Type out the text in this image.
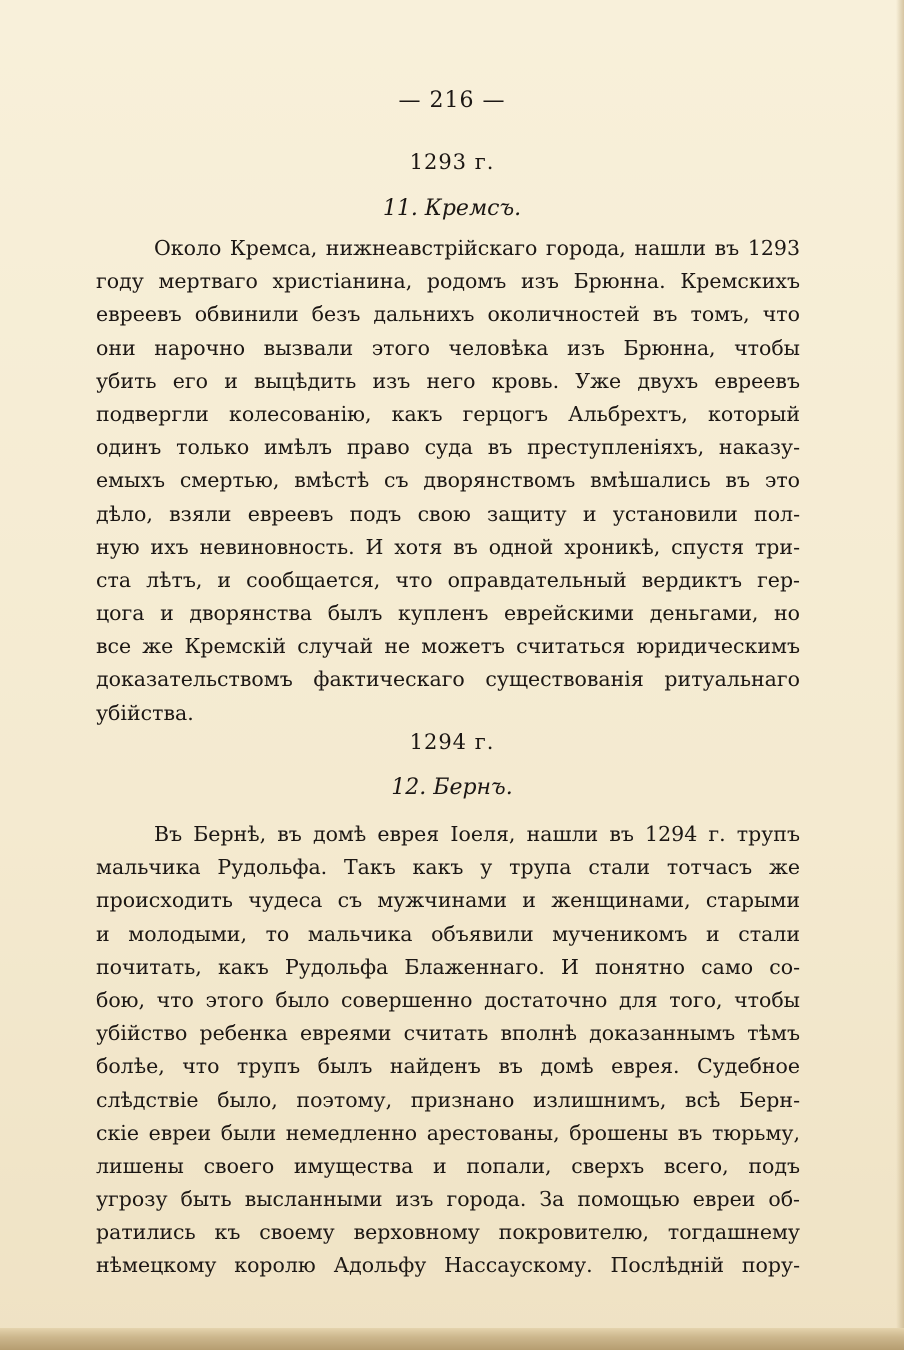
— 216 —
1293 г.
11. Кремсъ.
Около Кремса, нижнеавстрійскаго города, нашли въ 1293
году мертваго христіанина, родомъ изъ Брюнна. Кремскихъ
евреевъ обвинили безъ дальнихъ околичностей въ томъ, что
они нарочно вызвали этого человѣка изъ Брюнна, чтобы
убить его и выцѣдить изъ него кровь. Уже двухъ евреевъ
подвергли колесованію, какъ герцогъ Альбрехтъ, который
одинъ только имѣлъ право суда въ преступленіяхъ, наказу-
емыхъ смертью, вмѣстѣ съ дворянствомъ вмѣшались въ это
дѣло, взяли евреевъ подъ свою защиту и установили пол-
ную ихъ невиновность. И хотя въ одной хроникѣ, спустя три-
ста лѣтъ, и сообщается, что оправдательный вердиктъ гер-
цога и дворянства былъ купленъ еврейскими деньгами, но
все же Кремскій случай не можетъ считаться юридическимъ
доказательствомъ фактическаго существованія ритуальнаго
убійства.
1294 г.
12. Бернъ.
Въ Бернѣ, въ домѣ еврея Іоеля, нашли въ 1294 г. трупъ
мальчика Рудольфа. Такъ какъ у трупа стали тотчасъ же
происходить чудеса съ мужчинами и женщинами, старыми
и молодыми, то мальчика объявили мученикомъ и стали
почитать, какъ Рудольфа Блаженнаго. И понятно само со-
бою, что этого было совершенно достаточно для того, чтобы
убійство ребенка евреями считать вполнѣ доказаннымъ тѣмъ
болѣе, что трупъ былъ найденъ въ домѣ еврея. Судебное
слѣдствіе было, поэтому, признано излишнимъ, всѣ Берн-
скіе евреи были немедленно арестованы, брошены въ тюрьму,
лишены своего имущества и попали, сверхъ всего, подъ
угрозу быть высланными изъ города. За помощью евреи об-
ратились къ своему верховному покровителю, тогдашнему
нѣмецкому королю Адольфу Нассаускому. Послѣдній пору-
